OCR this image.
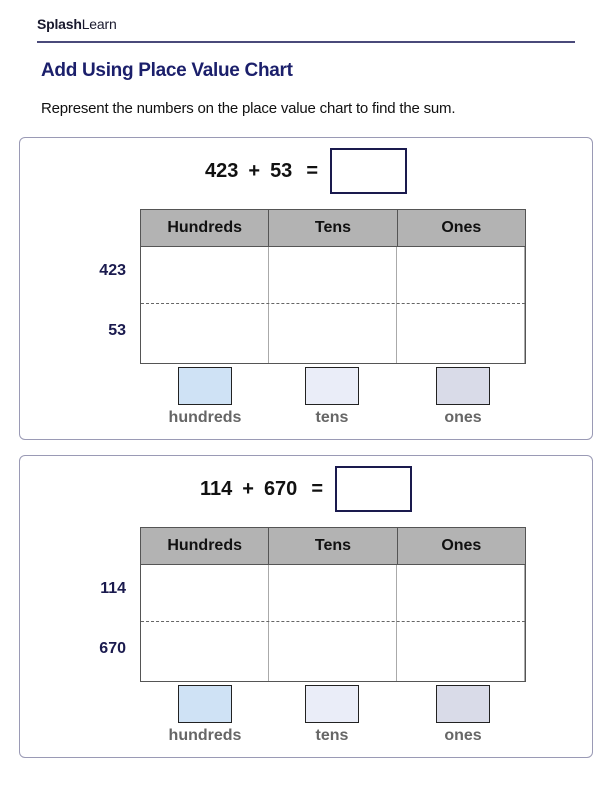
SplashLearn
Add Using Place Value Chart
Represent the numbers on the place value chart to find the sum.
423 + 53 =
423
53
Hundreds	Tens	Ones
hundreds	tens	ones
114 + 670 =
114
670
Hundreds	Tens	Ones
hundreds	tens	ones
